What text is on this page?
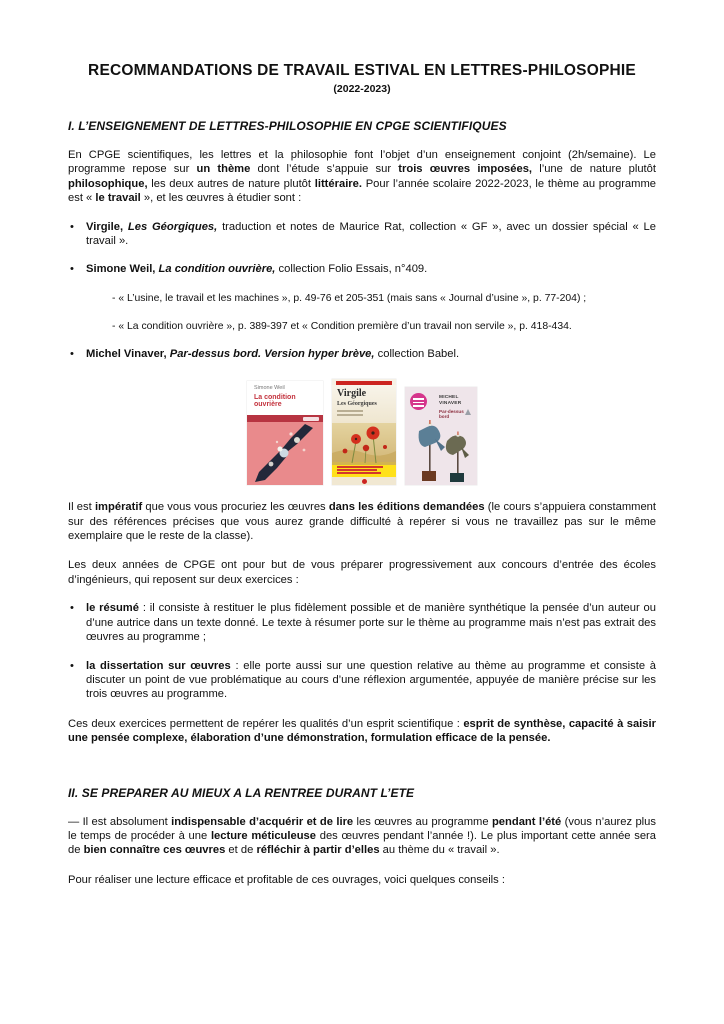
RECOMMANDATIONS DE TRAVAIL ESTIVAL EN LETTRES-PHILOSOPHIE
(2022-2023)
I. L’ENSEIGNEMENT DE LETTRES-PHILOSOPHIE EN CPGE SCIENTIFIQUES

En CPGE scientifiques, les lettres et la philosophie font l’objet d’un enseignement conjoint (2h/semaine). Le programme repose sur un thème dont l’étude s’appuie sur trois œuvres imposées, l’une de nature plutôt philosophique, les deux autres de nature plutôt littéraire. Pour l’année scolaire 2022-2023, le thème au programme est « le travail », et les œuvres à étudier sont :

• Virgile, Les Géorgiques, traduction et notes de Maurice Rat, collection « GF », avec un dossier spécial « Le travail ».
• Simone Weil, La condition ouvrière, collection Folio Essais, n°409.
- « L’usine, le travail et les machines », p. 49-76 et 205-351 (mais sans « Journal d’usine », p. 77-204) ;
- « La condition ouvrière », p. 389-397 et « Condition première d’un travail non servile », p. 418-434.
• Michel Vinaver, Par-dessus bord. Version hyper brève, collection Babel.
Simone Weil
La condition ouvrière
Virgile
Les Géorgiques
MICHEL VINAVER
Par-dessus bord

Il est impératif que vous vous procuriez les œuvres dans les éditions demandées (le cours s’appuiera constamment sur des références précises que vous aurez grande difficulté à repérer si vous ne travaillez pas sur le même exemplaire que le reste de la classe).

Les deux années de CPGE ont pour but de vous préparer progressivement aux concours d’entrée des écoles d’ingénieurs, qui reposent sur deux exercices :

• le résumé : il consiste à restituer le plus fidèlement possible et de manière synthétique la pensée d’un auteur ou d’une autrice dans un texte donné. Le texte à résumer porte sur le thème au programme mais n’est pas extrait des œuvres au programme ;
• la dissertation sur œuvres : elle porte aussi sur une question relative au thème au programme et consiste à discuter un point de vue problématique au cours d’une réflexion argumentée, appuyée de manière précise sur les trois œuvres au programme.

Ces deux exercices permettent de repérer les qualités d’un esprit scientifique : esprit de synthèse, capacité à saisir une pensée complexe, élaboration d’une démonstration, formulation efficace de la pensée.

II. SE PREPARER AU MIEUX A LA RENTREE DURANT L’ETE

— Il est absolument indispensable d’acquérir et de lire les œuvres au programme pendant l’été (vous n’aurez plus le temps de procéder à une lecture méticuleuse des œuvres pendant l’année !). Le plus important cette année sera de bien connaître ces œuvres et de réfléchir à partir d’elles au thème du « travail ».

Pour réaliser une lecture efficace et profitable de ces ouvrages, voici quelques conseils :
